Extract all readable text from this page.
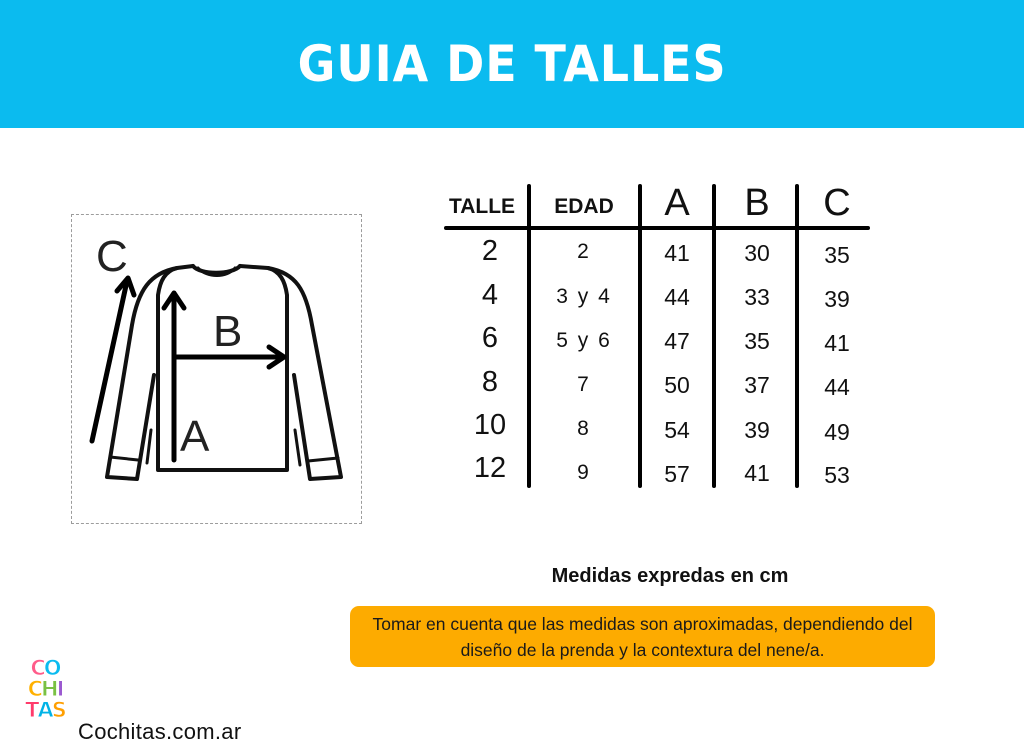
GUIA DE TALLES
C
B
A
TALLE	EDAD	A	B	C
2	2	41	30	35
4	3 y 4	44	33	39
6	5 y 6	47	35	41
8	7	50	37	44
10	8	54	39	49
12	9	57	41	53
Medidas expredas en cm
Tomar en cuenta que las medidas son aproximadas, dependiendo del diseño de la prenda y la contextura del nene/a.
C
O
C
H
I
T
A
S
Cochitas.com.ar
